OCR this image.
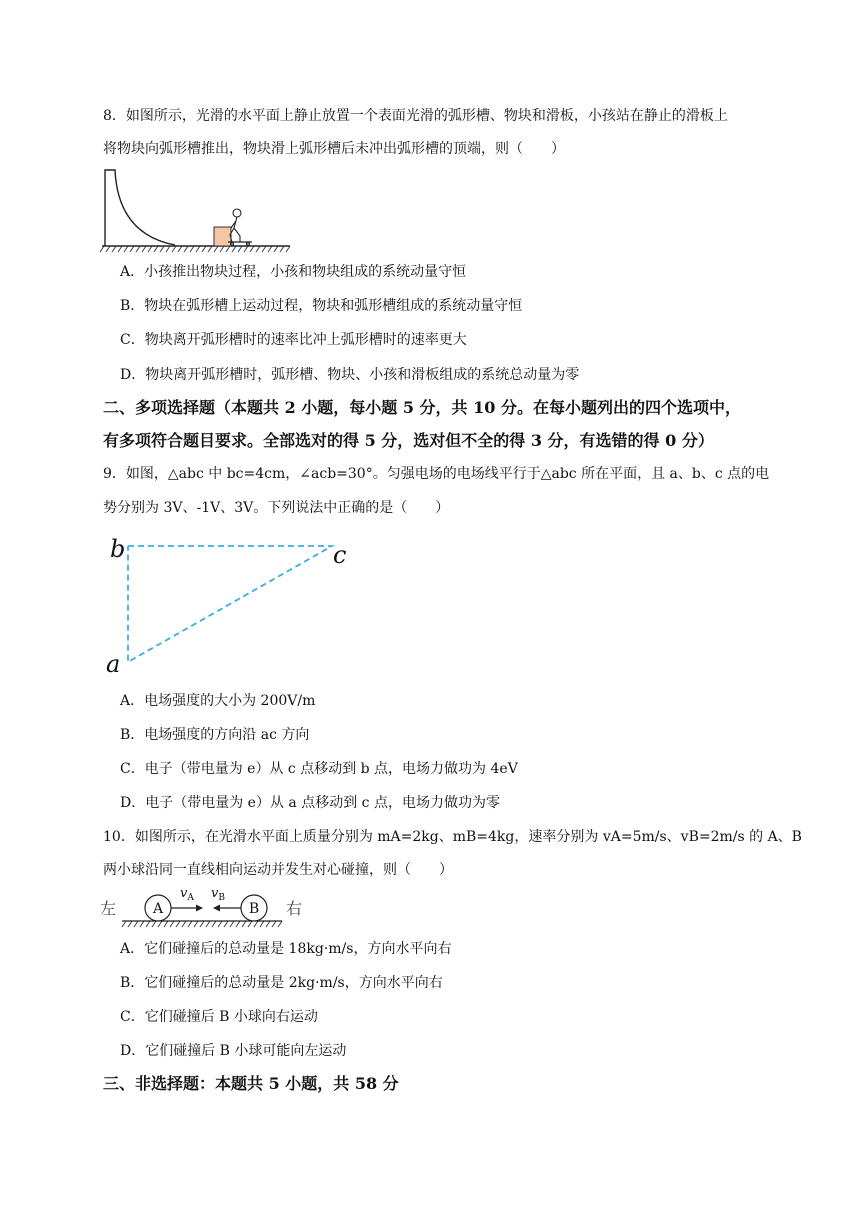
8．如图所示，光滑的水平面上静止放置一个表面光滑的弧形槽、物块和滑板，小孩站在静止的滑板上
将物块向弧形槽推出，物块滑上弧形槽后未冲出弧形槽的顶端，则（　　）
A．小孩推出物块过程，小孩和物块组成的系统动量守恒
B．物块在弧形槽上运动过程，物块和弧形槽组成的系统动量守恒
C．物块离开弧形槽时的速率比冲上弧形槽时的速率更大
D．物块离开弧形槽时，弧形槽、物块、小孩和滑板组成的系统总动量为零
二、多项选择题（本题共 2 小题，每小题 5 分，共 10 分。在每小题列出的四个选项中，
有多项符合题目要求。全部选对的得 5 分，选对但不全的得 3 分，有选错的得 0 分）
9．如图，△abc 中 bc=4cm，∠acb=30°。匀强电场的电场线平行于△abc 所在平面，且 a、b、c 点的电
势分别为 3V、-1V、3V。下列说法中正确的是（　　）
b	c
a
A．电场强度的大小为 200V/m
B．电场强度的方向沿 ac 方向
C．电子（带电量为 e）从 c 点移动到 b 点，电场力做功为 4eV
D．电子（带电量为 e）从 a 点移动到 c 点，电场力做功为零
10．如图所示，在光滑水平面上质量分别为 mA=2kg、mB=4kg，速率分别为 vA=5m/s、vB=2m/s 的 A、B
两小球沿同一直线相向运动并发生对心碰撞，则（　　）
左	右
A
$v_A$
B
$v_B$
A．它们碰撞后的总动量是 18kg·m/s，方向水平向右
B．它们碰撞后的总动量是 2kg·m/s，方向水平向右
C．它们碰撞后 B 小球向右运动
D．它们碰撞后 B 小球可能向左运动
三、非选择题：本题共 5 小题，共 58 分
